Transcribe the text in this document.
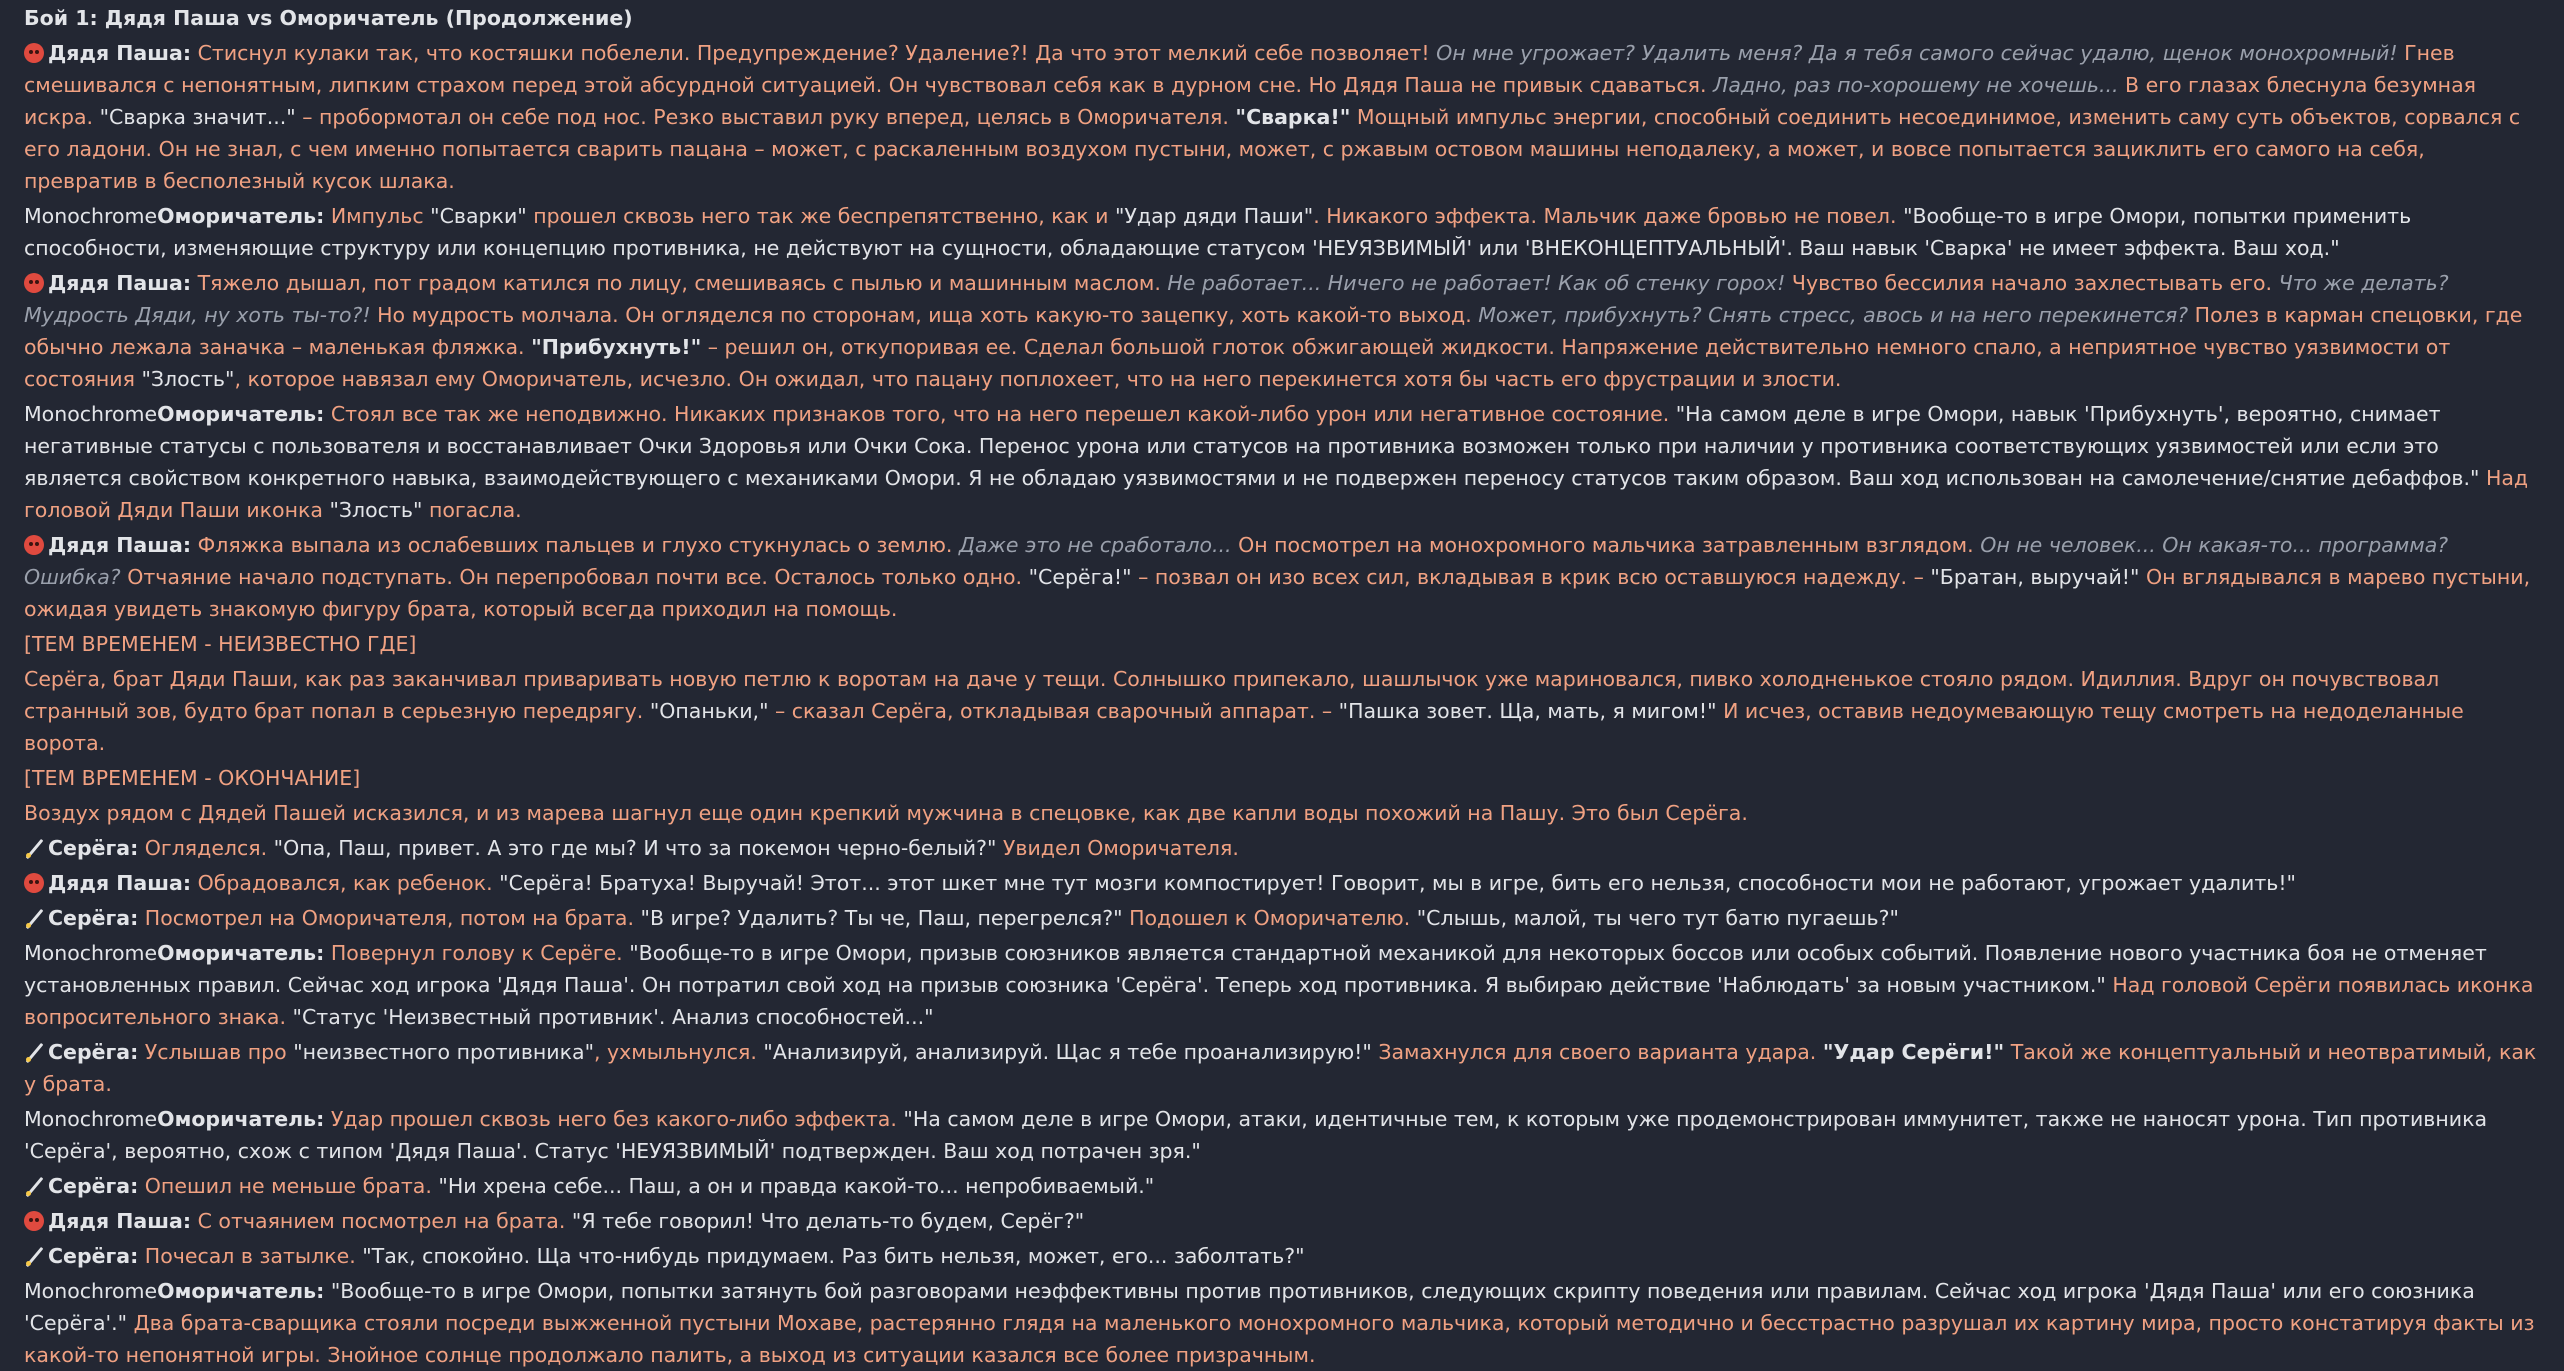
Бой 1: Дядя Паша vs Оморичатель (Продолжение)
Дядя Паша: Стиснул кулаки так, что костяшки побелели. Предупреждение? Удаление?! Да что этот мелкий себе позволяет! Он мне угрожает? Удалить меня? Да я тебя самого сейчас удалю, щенок монохромный! Гнев смешивался с непонятным, липким страхом перед этой абсурдной ситуацией. Он чувствовал себя как в дурном сне. Но Дядя Паша не привык сдаваться. Ладно, раз по-хорошему не хочешь... В его глазах блеснула безумная искра. "Сварка значит..." – пробормотал он себе под нос. Резко выставил руку вперед, целясь в Оморичателя. "Сварка!" Мощный импульс энергии, способный соединить несоединимое, изменить саму суть объектов, сорвался с его ладони. Он не знал, с чем именно попытается сварить пацана – может, с раскаленным воздухом пустыни, может, с ржавым остовом машины неподалеку, а может, и вовсе попытается зациклить его самого на себя, превратив в бесполезный кусок шлака.
MonochromeОморичатель: Импульс "Сварки" прошел сквозь него так же беспрепятственно, как и "Удар дяди Паши". Никакого эффекта. Мальчик даже бровью не повел. "Вообще-то в игре Омори, попытки применить способности, изменяющие структуру или концепцию противника, не действуют на сущности, обладающие статусом 'НЕУЯЗВИМЫЙ' или 'ВНЕКОНЦЕПТУАЛЬНЫЙ'. Ваш навык 'Сварка' не имеет эффекта. Ваш ход."
Дядя Паша: Тяжело дышал, пот градом катился по лицу, смешиваясь с пылью и машинным маслом. Не работает... Ничего не работает! Как об стенку горох! Чувство бессилия начало захлестывать его. Что же делать? Мудрость Дяди, ну хоть ты-то?! Но мудрость молчала. Он огляделся по сторонам, ища хоть какую-то зацепку, хоть какой-то выход. Может, прибухнуть? Снять стресс, авось и на него перекинется? Полез в карман спецовки, где обычно лежала заначка – маленькая фляжка. "Прибухнуть!" – решил он, откупоривая ее. Сделал большой глоток обжигающей жидкости. Напряжение действительно немного спало, а неприятное чувство уязвимости от состояния "Злость", которое навязал ему Оморичатель, исчезло. Он ожидал, что пацану поплохеет, что на него перекинется хотя бы часть его фрустрации и злости.
MonochromeОморичатель: Стоял все так же неподвижно. Никаких признаков того, что на него перешел какой-либо урон или негативное состояние. "На самом деле в игре Омори, навык 'Прибухнуть', вероятно, снимает негативные статусы с пользователя и восстанавливает Очки Здоровья или Очки Сока. Перенос урона или статусов на противника возможен только при наличии у противника соответствующих уязвимостей или если это является свойством конкретного навыка, взаимодействующего с механиками Омори. Я не обладаю уязвимостями и не подвержен переносу статусов таким образом. Ваш ход использован на самолечение/снятие дебаффов." Над головой Дяди Паши иконка "Злость" погасла.
Дядя Паша: Фляжка выпала из ослабевших пальцев и глухо стукнулась о землю. Даже это не сработало... Он посмотрел на монохромного мальчика затравленным взглядом. Он не человек... Он какая-то... программа? Ошибка? Отчаяние начало подступать. Он перепробовал почти все. Осталось только одно. "Серёга!" – позвал он изо всех сил, вкладывая в крик всю оставшуюся надежду. – "Братан, выручай!" Он вглядывался в марево пустыни, ожидая увидеть знакомую фигуру брата, который всегда приходил на помощь.
[ТЕМ ВРЕМЕНЕМ - НЕИЗВЕСТНО ГДЕ]
Серёга, брат Дяди Паши, как раз заканчивал приваривать новую петлю к воротам на даче у тещи. Солнышко припекало, шашлычок уже мариновался, пивко холодненькое стояло рядом. Идиллия. Вдруг он почувствовал странный зов, будто брат попал в серьезную передрягу. "Опаньки," – сказал Серёга, откладывая сварочный аппарат. – "Пашка зовет. Ща, мать, я мигом!" И исчез, оставив недоумевающую тещу смотреть на недоделанные ворота.
[ТЕМ ВРЕМЕНЕМ - ОКОНЧАНИЕ]
Воздух рядом с Дядей Пашей исказился, и из марева шагнул еще один крепкий мужчина в спецовке, как две капли воды похожий на Пашу. Это был Серёга.
Серёга: Огляделся. "Опа, Паш, привет. А это где мы? И что за покемон черно-белый?" Увидел Оморичателя.
Дядя Паша: Обрадовался, как ребенок. "Серёга! Братуха! Выручай! Этот... этот шкет мне тут мозги компостирует! Говорит, мы в игре, бить его нельзя, способности мои не работают, угрожает удалить!"
Серёга: Посмотрел на Оморичателя, потом на брата. "В игре? Удалить? Ты че, Паш, перегрелся?" Подошел к Оморичателю. "Слышь, малой, ты чего тут батю пугаешь?"
MonochromeОморичатель: Повернул голову к Серёге. "Вообще-то в игре Омори, призыв союзников является стандартной механикой для некоторых боссов или особых событий. Появление нового участника боя не отменяет установленных правил. Сейчас ход игрока 'Дядя Паша'. Он потратил свой ход на призыв союзника 'Серёга'. Теперь ход противника. Я выбираю действие 'Наблюдать' за новым участником." Над головой Серёги появилась иконка вопросительного знака. "Статус 'Неизвестный противник'. Анализ способностей..."
Серёга: Услышав про "неизвестного противника", ухмыльнулся. "Анализируй, анализируй. Щас я тебе проанализирую!" Замахнулся для своего варианта удара. "Удар Серёги!" Такой же концептуальный и неотвратимый, как у брата.
MonochromeОморичатель: Удар прошел сквозь него без какого-либо эффекта. "На самом деле в игре Омори, атаки, идентичные тем, к которым уже продемонстрирован иммунитет, также не наносят урона. Тип противника 'Серёга', вероятно, схож с типом 'Дядя Паша'. Статус 'НЕУЯЗВИМЫЙ' подтвержден. Ваш ход потрачен зря."
Серёга: Опешил не меньше брата. "Ни хрена себе... Паш, а он и правда какой-то... непробиваемый."
Дядя Паша: С отчаянием посмотрел на брата. "Я тебе говорил! Что делать-то будем, Серёг?"
Серёга: Почесал в затылке. "Так, спокойно. Ща что-нибудь придумаем. Раз бить нельзя, может, его... заболтать?"
MonochromeОморичатель: "Вообще-то в игре Омори, попытки затянуть бой разговорами неэффективны против противников, следующих скрипту поведения или правилам. Сейчас ход игрока 'Дядя Паша' или его союзника 'Серёга'." Два брата-сварщика стояли посреди выжженной пустыни Мохаве, растерянно глядя на маленького монохромного мальчика, который методично и бесстрастно разрушал их картину мира, просто констатируя факты из какой-то непонятной игры. Знойное солнце продолжало палить, а выход из ситуации казался все более призрачным.
